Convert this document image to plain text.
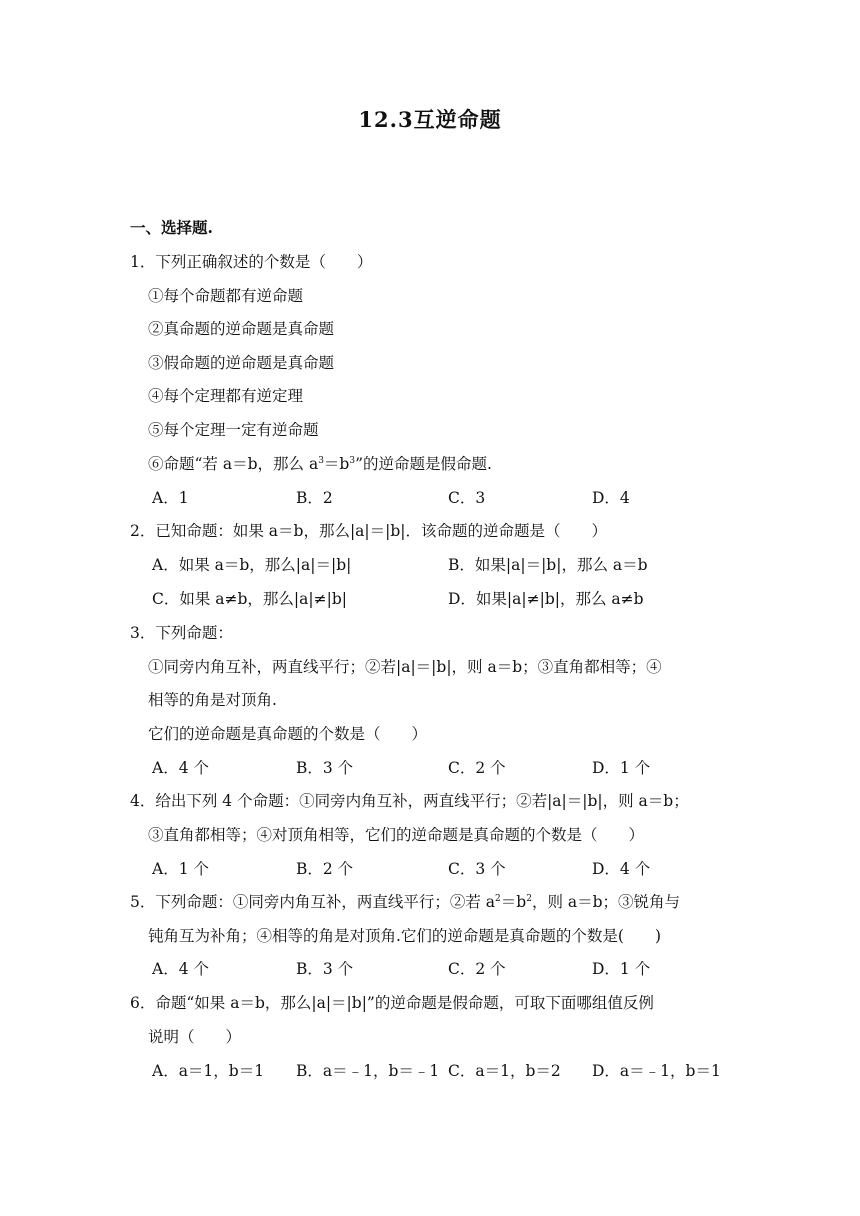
12.3互逆命题
一、选择题.
1．下列正确叙述的个数是（　　）
①每个命题都有逆命题
②真命题的逆命题是真命题
③假命题的逆命题是真命题
④每个定理都有逆定理
⑤每个定理一定有逆命题
⑥命题“若 a＝b，那么 $a^3=b^3$”的逆命题是假命题.
A．1	B．2	C．3	D．4
2．已知命题：如果 a＝b，那么|a|＝|b|．该命题的逆命题是（　　）
A．如果 a＝b，那么|a|＝|b|	B．如果|a|＝|b|，那么 a＝b
C．如果 a≠b，那么|a|≠|b|	D．如果|a|≠|b|，那么 a≠b
3．下列命题：
①同旁内角互补，两直线平行；②若|a|＝|b|，则 a＝b；③直角都相等；④
相等的角是对顶角.
它们的逆命题是真命题的个数是（　　）
A．4 个	B．3 个	C．2 个	D．1 个
4．给出下列 4 个命题：①同旁内角互补，两直线平行；②若|a|＝|b|，则 a＝b；
③直角都相等；④对顶角相等，它们的逆命题是真命题的个数是（　　）
A．1 个	B．2 个	C．3 个	D．4 个
5．下列命题：①同旁内角互补，两直线平行；②若 $a^2=b^2$，则 a＝b；③锐角与
钝角互为补角；④相等的角是对顶角.它们的逆命题是真命题的个数是(　　)
A．4 个	B．3 个	C．2 个	D．1 个
6．命题“如果 a＝b，那么|a|＝|b|”的逆命题是假命题，可取下面哪组值反例
说明（　　）
A．a＝1，b＝1 B．a＝﹣1，b＝﹣1 C．a＝1，b＝2 D．a＝﹣1，b＝1
